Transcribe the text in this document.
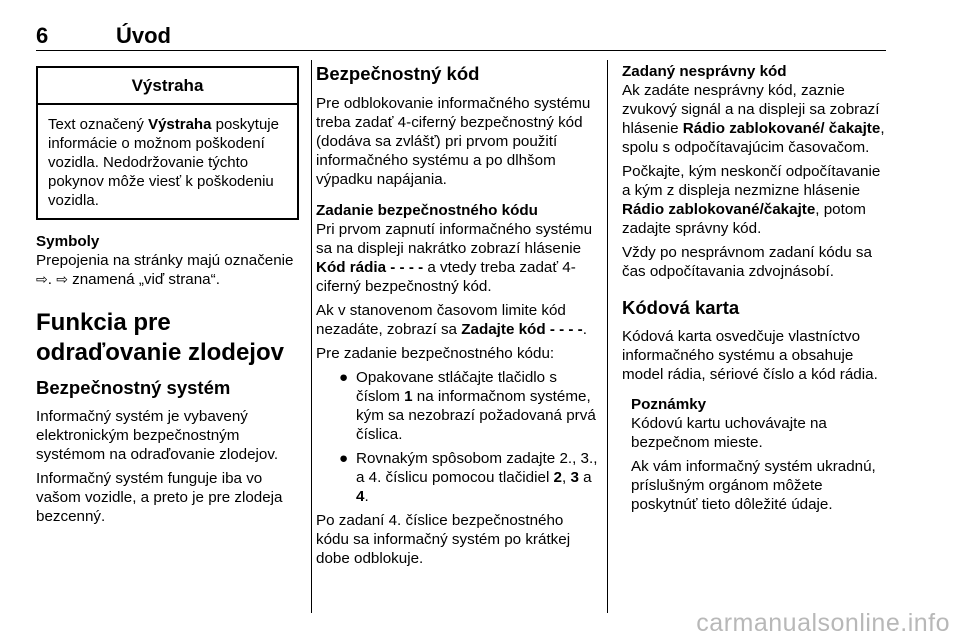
6	Úvod
Výstraha

Text označený Výstraha poskytuje informácie o možnom poškodení vozidla. Nedodržovanie týchto pokynov môže viesť k poškodeniu vozidla.

Symboly

Prepojenia na stránky majú označenie ⇨. ⇨ znamená „viď strana“.

Funkcia pre odraďovanie zlodejov
Bezpečnostný systém

Informačný systém je vybavený elektronickým bezpečnostným systémom na odraďovanie zlodejov.

Informačný systém funguje iba vo vašom vozidle, a preto je pre zlodeja bezcenný.

Bezpečnostný kód

Pre odblokovanie informačného systému treba zadať 4-ciferný bezpečnostný kód (dodáva sa zvlášť) pri prvom použití informačného systému a po dlhšom výpadku napájania.

Zadanie bezpečnostného kódu

Pri prvom zapnutí informačného systému sa na displeji nakrátko zobrazí hlásenie Kód rádia - - - - a vtedy treba zadať 4-ciferný bezpečnostný kód.

Ak v stanovenom časovom limite kód nezadáte, zobrazí sa Zadajte kód - - - -.

Pre zadanie bezpečnostného kódu:

● Opakovane stláčajte tlačidlo s číslom 1 na informačnom systéme, kým sa nezobrazí požadovaná prvá číslica.
● Rovnakým spôsobom zadajte 2., 3., a 4. číslicu pomocou tlačidiel 2, 3 a 4.

Po zadaní 4. číslice bezpečnostného kódu sa informačný systém po krátkej dobe odblokuje.

Zadaný nesprávny kód

Ak zadáte nesprávny kód, zaznie zvukový signál a na displeji sa zobrazí hlásenie Rádio zablokované/ čakajte, spolu s odpočítavajúcim časovačom.

Počkajte, kým neskončí odpočítavanie a kým z displeja nezmizne hlásenie Rádio zablokované/čakajte, potom zadajte správny kód.

Vždy po nesprávnom zadaní kódu sa čas odpočítavania zdvojnásobí.

Kódová karta

Kódová karta osvedčuje vlastníctvo informačného systému a obsahuje model rádia, sériové číslo a kód rádia.

Poznámky

Kódovú kartu uchovávajte na bezpečnom mieste.

Ak vám informačný systém ukradnú, príslušným orgánom môžete poskytnúť tieto dôležité údaje.

carmanualsonline.info
